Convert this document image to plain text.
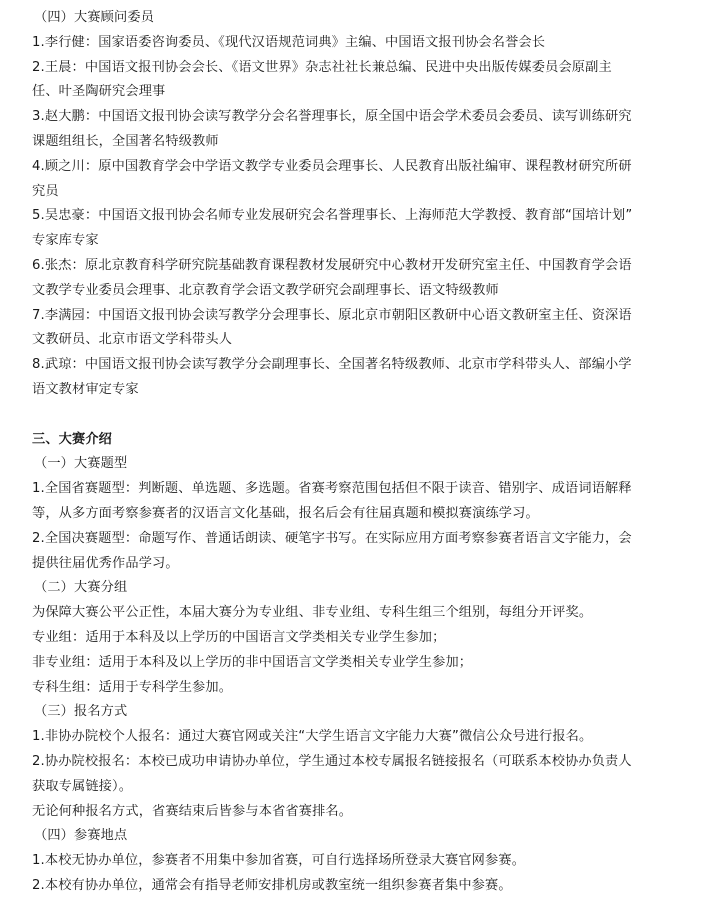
（四）大赛顾问委员
1.李行健：国家语委咨询委员、《现代汉语规范词典》主编、中国语文报刊协会名誉会长
2.王晨：中国语文报刊协会会长、《语文世界》杂志社社长兼总编、民进中央出版传媒委员会原副主
任、叶圣陶研究会理事
3.赵大鹏：中国语文报刊协会读写教学分会名誉理事长，原全国中语会学术委员会委员、读写训练研究
课题组组长，全国著名特级教师
4.顾之川：原中国教育学会中学语文教学专业委员会理事长、人民教育出版社编审、课程教材研究所研
究员
5.吴忠豪：中国语文报刊协会名师专业发展研究会名誉理事长、上海师范大学教授、教育部“国培计划”
专家库专家
6.张杰：原北京教育科学研究院基础教育课程教材发展研究中心教材开发研究室主任、中国教育学会语
文教学专业委员会理事、北京教育学会语文教学研究会副理事长、语文特级教师
7.李满园：中国语文报刊协会读写教学分会理事长、原北京市朝阳区教研中心语文教研室主任、资深语
文教研员、北京市语文学科带头人
8.武琼：中国语文报刊协会读写教学分会副理事长、全国著名特级教师、北京市学科带头人、部编小学
语文教材审定专家
三、大赛介绍
（一）大赛题型
1.全国省赛题型：判断题、单选题、多选题。省赛考察范围包括但不限于读音、错别字、成语词语解释
等，从多方面考察参赛者的汉语言文化基础，报名后会有往届真题和模拟赛演练学习。
2.全国决赛题型：命题写作、普通话朗读、硬笔字书写。在实际应用方面考察参赛者语言文字能力，会
提供往届优秀作品学习。
（二）大赛分组
为保障大赛公平公正性，本届大赛分为专业组、非专业组、专科生组三个组别，每组分开评奖。
专业组：适用于本科及以上学历的中国语言文学类相关专业学生参加；
非专业组：适用于本科及以上学历的非中国语言文学类相关专业学生参加；
专科生组：适用于专科学生参加。
（三）报名方式
1.非协办院校个人报名：通过大赛官网或关注“大学生语言文字能力大赛”微信公众号进行报名。
2.协办院校报名：本校已成功申请协办单位，学生通过本校专属报名链接报名（可联系本校协办负责人
获取专属链接）。
无论何种报名方式，省赛结束后皆参与本省省赛排名。
（四）参赛地点
1.本校无协办单位，参赛者不用集中参加省赛，可自行选择场所登录大赛官网参赛。
2.本校有协办单位，通常会有指导老师安排机房或教室统一组织参赛者集中参赛。
